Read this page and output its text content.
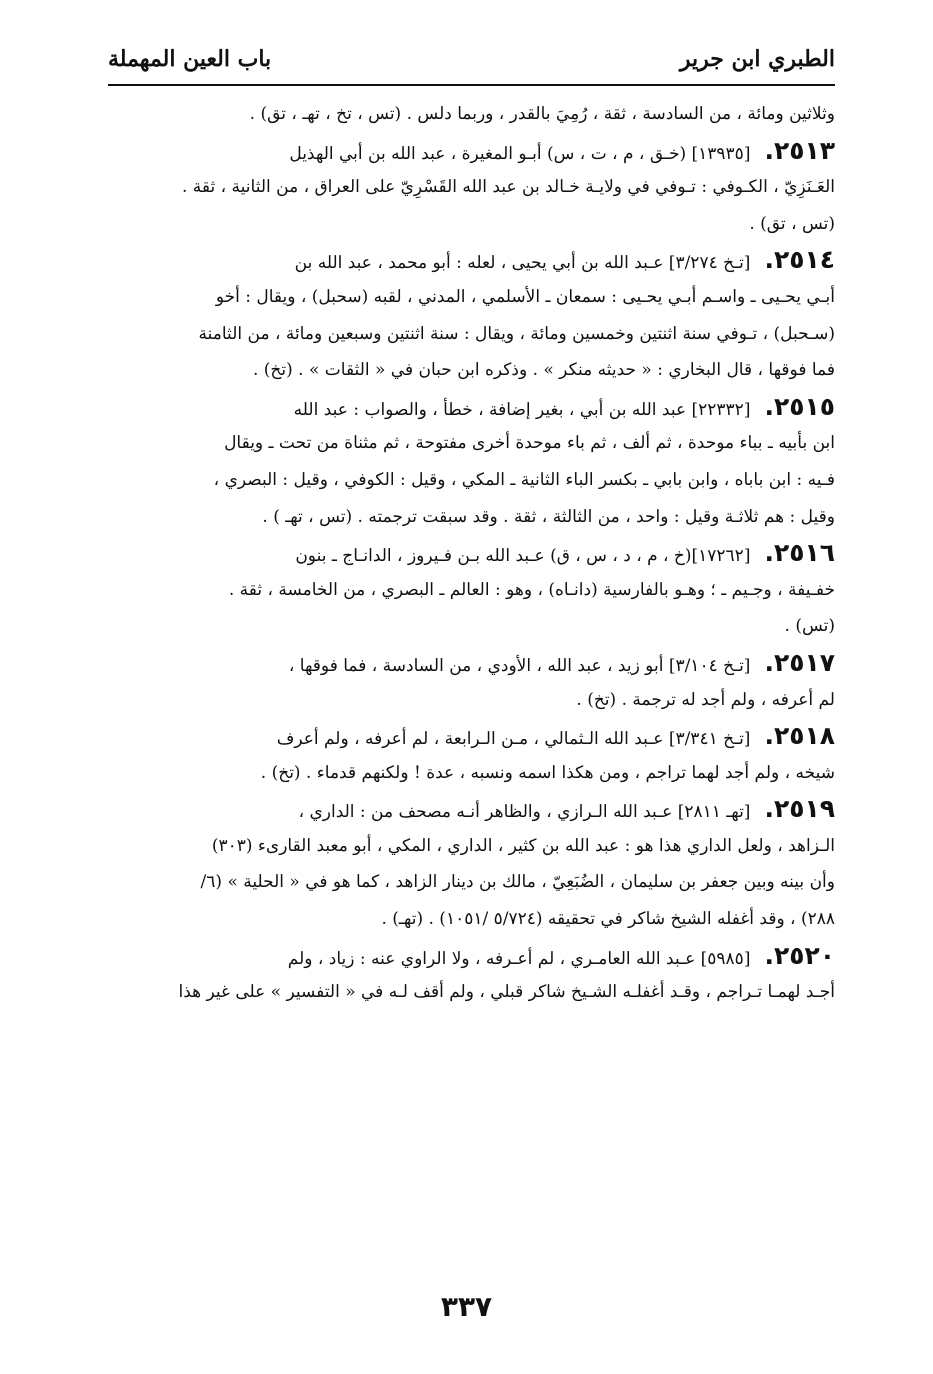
الطبري ابن جرير
باب العين المهملة
وثلاثين ومائة ، من السادسة ، ثقة ، رُمِيَ بالقدر ، وربما دلس . (تس ، تخ ، تهـ ، تق) .
٢٥١٣.[١٣٩٣٥] (خـق ، م ، ت ، س) أبـو المغيرة ، عبد الله بن أبي الهذيل
العَـنَزِيّ ، الكـوفي : تـوفي في ولايـة خـالد بن عبد الله القَسْرِيّ على العراق ، من الثانية ، ثقة .
(تس ، تق) .
٢٥١٤.[تـخ ٣/٢٧٤] عـبد الله بن أبي يحيى ، لعله : أبو محمد ، عبد الله بن
أبـي يحـيى ـ واسـم أبـي يحـيى : سمعان ـ الأسلمي ، المدني ، لقبه (سحبل) ، ويقال : أخو
(سـحبل) ، تـوفي سنة اثنتين وخمسين ومائة ، ويقال : سنة اثنتين وسبعين ومائة ، من الثامنة
فما فوقها ، قال البخاري : « حديثه منكر » . وذكره ابن حبان في « الثقات » . (تخ) .
٢٥١٥.[٢٢٣٣٢] عبد الله بن أبي ، بغير إضافة ، خطأ ، والصواب : عبد الله
ابن بأبيه ـ بباء موحدة ، ثم ألف ، ثم باء موحدة أخرى مفتوحة ، ثم مثناة من تحت ـ ويقال
فـيه : ابن باباه ، وابن بابي ـ بكسر الباء الثانية ـ المكي ، وقيل : الكوفي ، وقيل : البصري ،
وقيل : هم ثلاثـة وقيل : واحد ، من الثالثة ، ثقة . وقد سبقت ترجمته . (تس ، تهـ ) .
٢٥١٦.[١٧٢٦٢](خ ، م ، د ، س ، ق) عـبد الله بـن فـيروز ، الدانـاج ـ بنون
خفـيفة ، وجـيم ـ ؛ وهـو بالفارسية (دانـاه) ، وهو : العالم ـ البصري ، من الخامسة ، ثقة .
(تس) .
٢٥١٧.[تـخ ٣/١٠٤] أبو زيد ، عبد الله ، الأودي ، من السادسة ، فما فوقها ،
لم أعرفه ، ولم أجد له ترجمة . (تخ) .
٢٥١٨.[تـخ ٣/٣٤١] عـبد الله الـثمالي ، مـن الـرابعة ، لم أعرفه ، ولم أعرف
شيخه ، ولم أجد لهما تراجم ، ومن هكذا اسمه ونسبه ، عدة ! ولكنهم قدماء . (تخ) .
٢٥١٩.[تهـ ٢٨١١] عـبد الله الـرازي ، والظاهر أنـه مصحف من : الداري ،
الـزاهد ، ولعل الداري هذا هو : عبد الله بن كثير ، الداري ، المكي ، أبو معبد القارىء (٣٠٣)
وأن بينه وبين جعفر بن سليمان ، الضُبَعِيّ ، مالك بن دينار الزاهد ، كما هو في « الحلية » (٦/
٢٨٨) ، وقد أغفله الشيخ شاكر في تحقيقه (٥/٧٢٤ /١٠٥١) . (تهـ) .
٢٥٢٠.[٥٩٨٥] عـبد الله العامـري ، لم أعـرفه ، ولا الراوي عنه : زياد ، ولم
أجـد لهمـا تـراجم ، وقـد أغفلـه الشـيخ شاكر قبلي ، ولم أقف لـه في « التفسير » على غير هذا
٣٣٧
